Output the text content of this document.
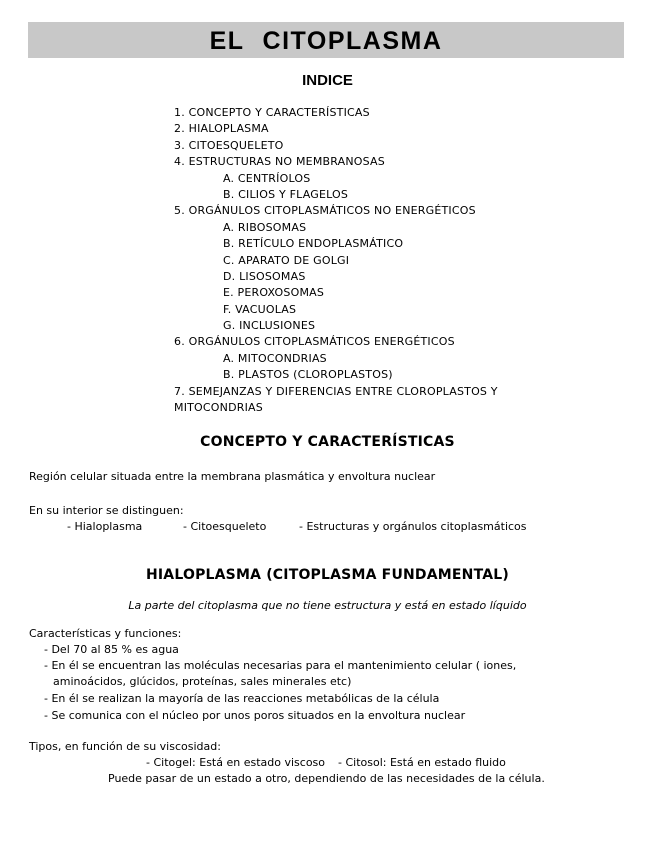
EL CITOPLASMA
INDICE
1. CONCEPTO Y CARACTERÍSTICAS
2. HIALOPLASMA
3. CITOESQUELETO
4. ESTRUCTURAS NO MEMBRANOSAS
A. CENTRÍOLOS
B. CILIOS Y FLAGELOS
5. ORGÁNULOS CITOPLASMÁTICOS NO ENERGÉTICOS
A. RIBOSOMAS
B. RETÍCULO ENDOPLASMÁTICO
C. APARATO DE GOLGI
D. LISOSOMAS
E. PEROXOSOMAS
F. VACUOLAS
G. INCLUSIONES
6. ORGÁNULOS CITOPLASMÁTICOS ENERGÉTICOS
A. MITOCONDRIAS
B. PLASTOS (CLOROPLASTOS)
7. SEMEJANZAS Y DIFERENCIAS ENTRE CLOROPLASTOS Y
MITOCONDRIAS
CONCEPTO Y CARACTERÍSTICAS
Región celular situada entre la membrana plasmática y envoltura nuclear
En su interior se distinguen:
- Hialoplasma	- Citoesqueleto	- Estructuras y orgánulos citoplasmáticos
HIALOPLASMA (CITOPLASMA FUNDAMENTAL)
La parte del citoplasma que no tiene estructura y está en estado líquido
Características y funciones:
- Del 70 al 85 % es agua
- En él se encuentran las moléculas necesarias para el mantenimiento celular ( iones,
aminoácidos, glúcidos, proteínas, sales minerales etc)
- En él se realizan la mayoría de las reacciones metabólicas de la célula
- Se comunica con el núcleo por unos poros situados en la envoltura nuclear
Tipos, en función de su viscosidad:
- Citogel: Está en estado viscoso - Citosol: Está en estado fluido
Puede pasar de un estado a otro, dependiendo de las necesidades de la célula.
